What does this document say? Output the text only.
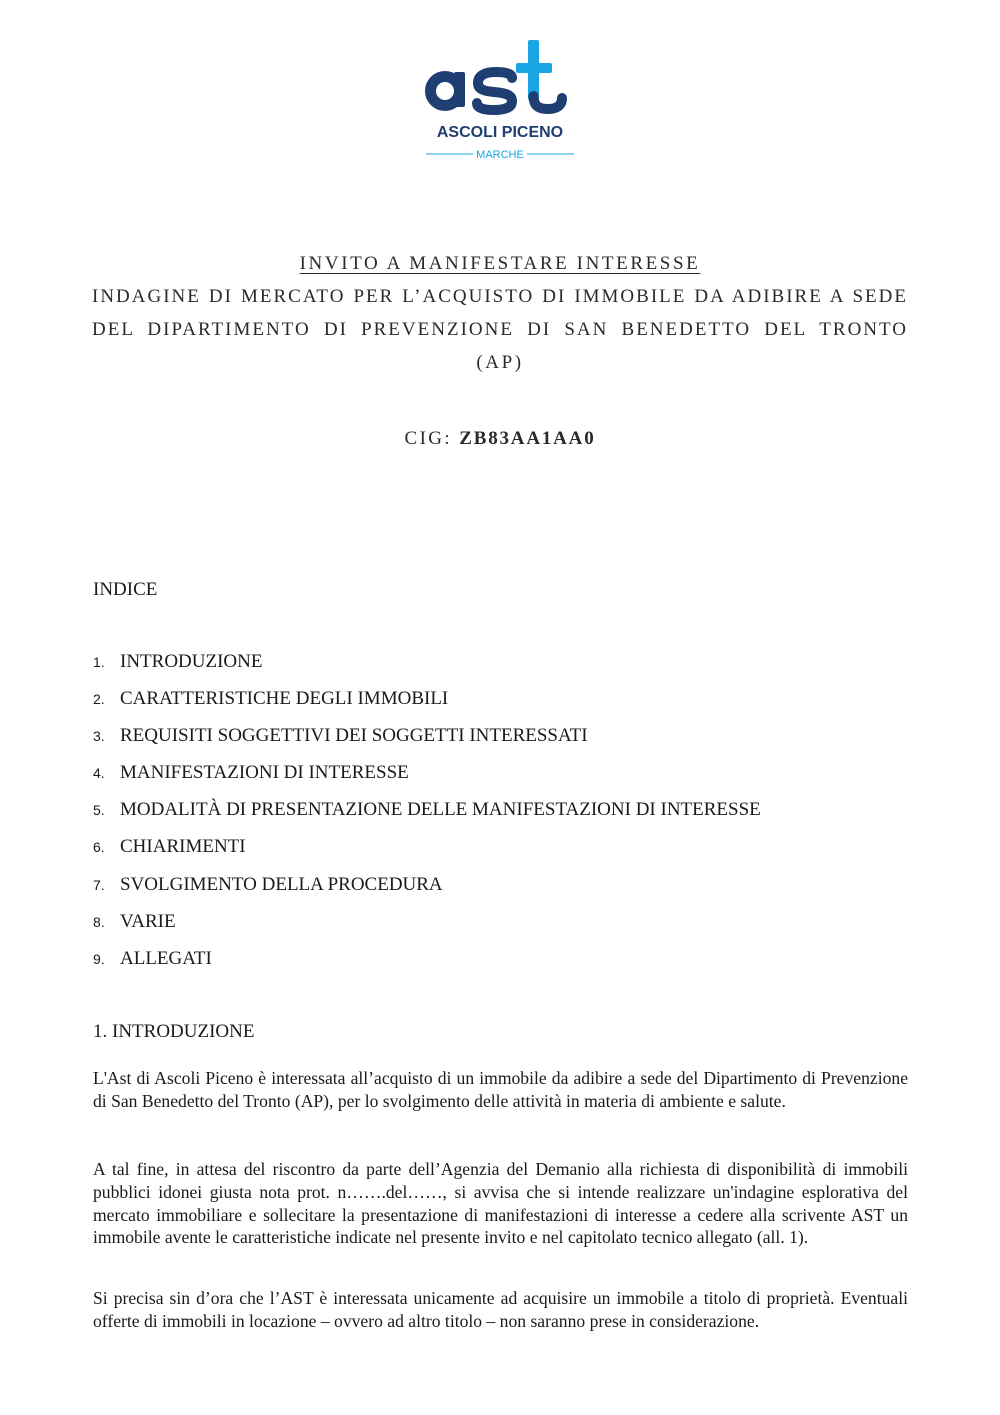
ASCOLI PICENO
MARCHE
INVITO A MANIFESTARE INTERESSE
INDAGINE DI MERCATO PER L’ACQUISTO DI IMMOBILE DA ADIBIRE A SEDE
DEL DIPARTIMENTO DI PREVENZIONE DI SAN BENEDETTO DEL TRONTO
(AP)
CIG: ZB83AA1AA0
INDICE
1. INTRODUZIONE
2. CARATTERISTICHE DEGLI IMMOBILI
3. REQUISITI SOGGETTIVI DEI SOGGETTI INTERESSATI
4. MANIFESTAZIONI DI INTERESSE
5. MODALITÀ DI PRESENTAZIONE DELLE MANIFESTAZIONI DI INTERESSE
6. CHIARIMENTI
7. SVOLGIMENTO DELLA PROCEDURA
8. VARIE
9. ALLEGATI
1. INTRODUZIONE

L'Ast di Ascoli Piceno è interessata all’acquisto di un immobile da adibire a sede del Dipartimento di Prevenzione di San Benedetto del Tronto (AP), per lo svolgimento delle attività in materia di ambiente e salute.

A tal fine, in attesa del riscontro da parte dell’Agenzia del Demanio alla richiesta di disponibilità di immobili pubblici idonei giusta nota prot. n…….del……, si avvisa che si intende realizzare un'indagine esplorativa del mercato immobiliare e sollecitare la presentazione di manifestazioni di interesse a cedere alla scrivente AST un immobile avente le caratteristiche indicate nel presente invito e nel capitolato tecnico allegato (all. 1).

Si precisa sin d’ora che l’AST è interessata unicamente ad acquisire un immobile a titolo di proprietà. Eventuali offerte di immobili in locazione – ovvero ad altro titolo – non saranno prese in considerazione.
